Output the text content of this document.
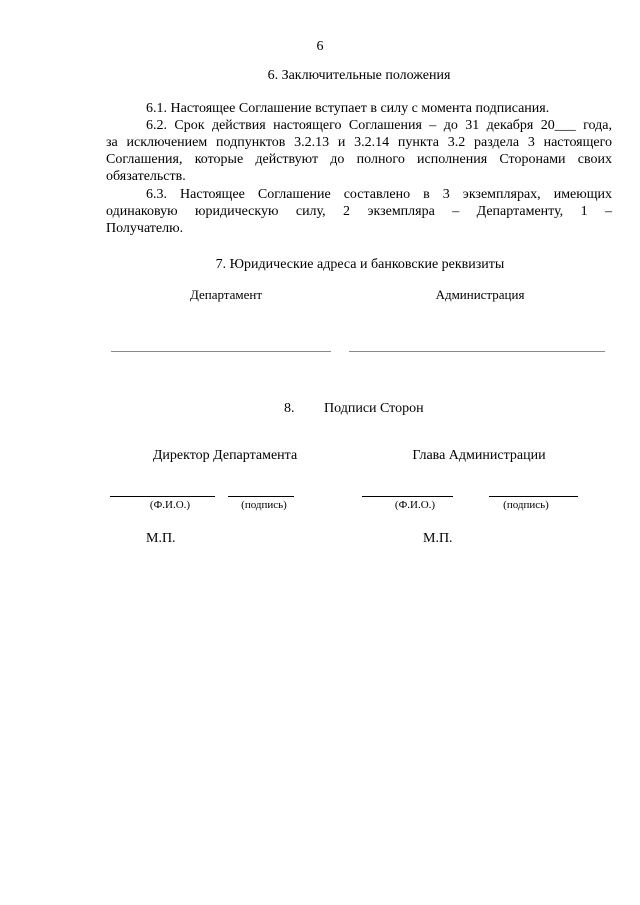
6
6. Заключительные положения
6.1. Настоящее Соглашение вступает в силу с момента подписания.
6.2. Срок действия настоящего Соглашения – до 31 декабря 20___ года,
за исключением подпунктов 3.2.13 и 3.2.14 пункта 3.2 раздела 3 настоящего
Соглашения, которые действуют до полного исполнения Сторонами своих
обязательств.
6.3. Настоящее Соглашение составлено в 3 экземплярах, имеющих
одинаковую юридическую силу, 2 экземпляра – Департаменту, 1 –
Получателю.
7. Юридические адреса и банковские реквизиты
Департамент	Администрация
8. Подписи Сторон
Директор Департамента	Глава Администрации
(Ф.И.О.)	(подпись)	(Ф.И.О.)	(подпись)
М.П.	М.П.
